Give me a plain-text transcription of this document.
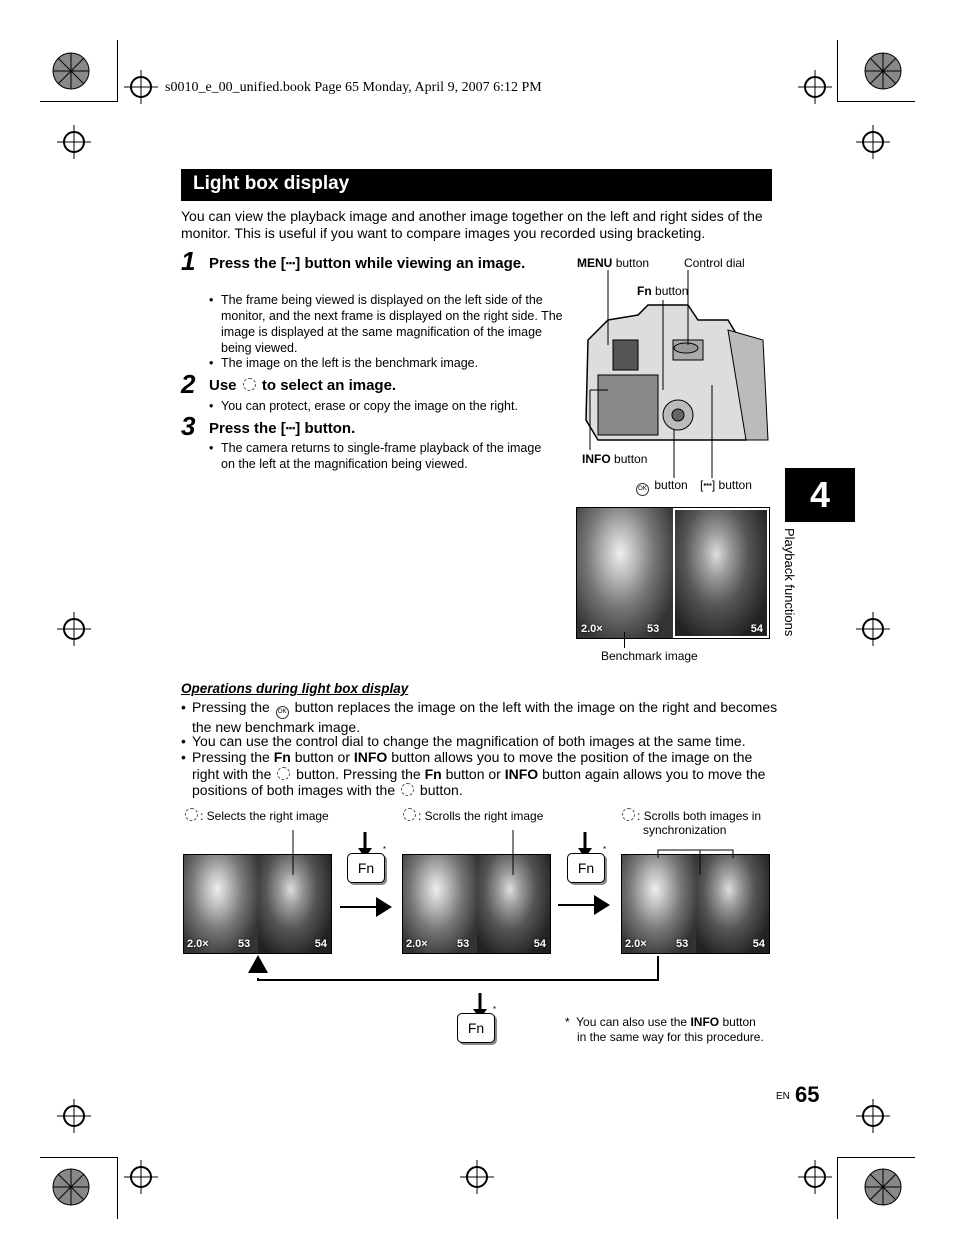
s0010_e_00_unified.book Page 65 Monday, April 9, 2007 6:12 PM
Light box display
You can view the playback image and another image together on the left and right sides of the monitor. This is useful if you want to compare images you recorded using bracketing.
1 Press the [▪▪▪] button while viewing an image.
• The frame being viewed is displayed on the left side of the monitor, and the next frame is displayed on the right side. The image is displayed at the same magnification of the image being viewed.
• The image on the left is the benchmark image.
2 Use to select an image.
• You can protect, erase or copy the image on the right.
3 Press the [▪▪▪] button.
• The camera returns to single-frame playback of the image on the left at the magnification being viewed.
MENU button	Control dial
Fn button
INFO button
OK button [▪▪▪] button
2.0×	53	54
Benchmark image
4
Playback functions
Operations during light box display
• Pressing the OK button replaces the image on the left with the image on the right and becomes the new benchmark image.
• You can use the control dial to change the magnification of both images at the same time.
• Pressing the Fn button or INFO button allows you to move the position of the image on the right with the button. Pressing the Fn button or INFO button again allows you to move the positions of both images with the button.
: Selects the right image	: Scrolls the right image	: Scrolls both images in
synchronization
2.0×	53	54	2.0×	53	54	2.0×	53	54
Fn
*
Fn
*
Fn
*
*  You can also use the INFO button
in the same way for this procedure.
EN 65
